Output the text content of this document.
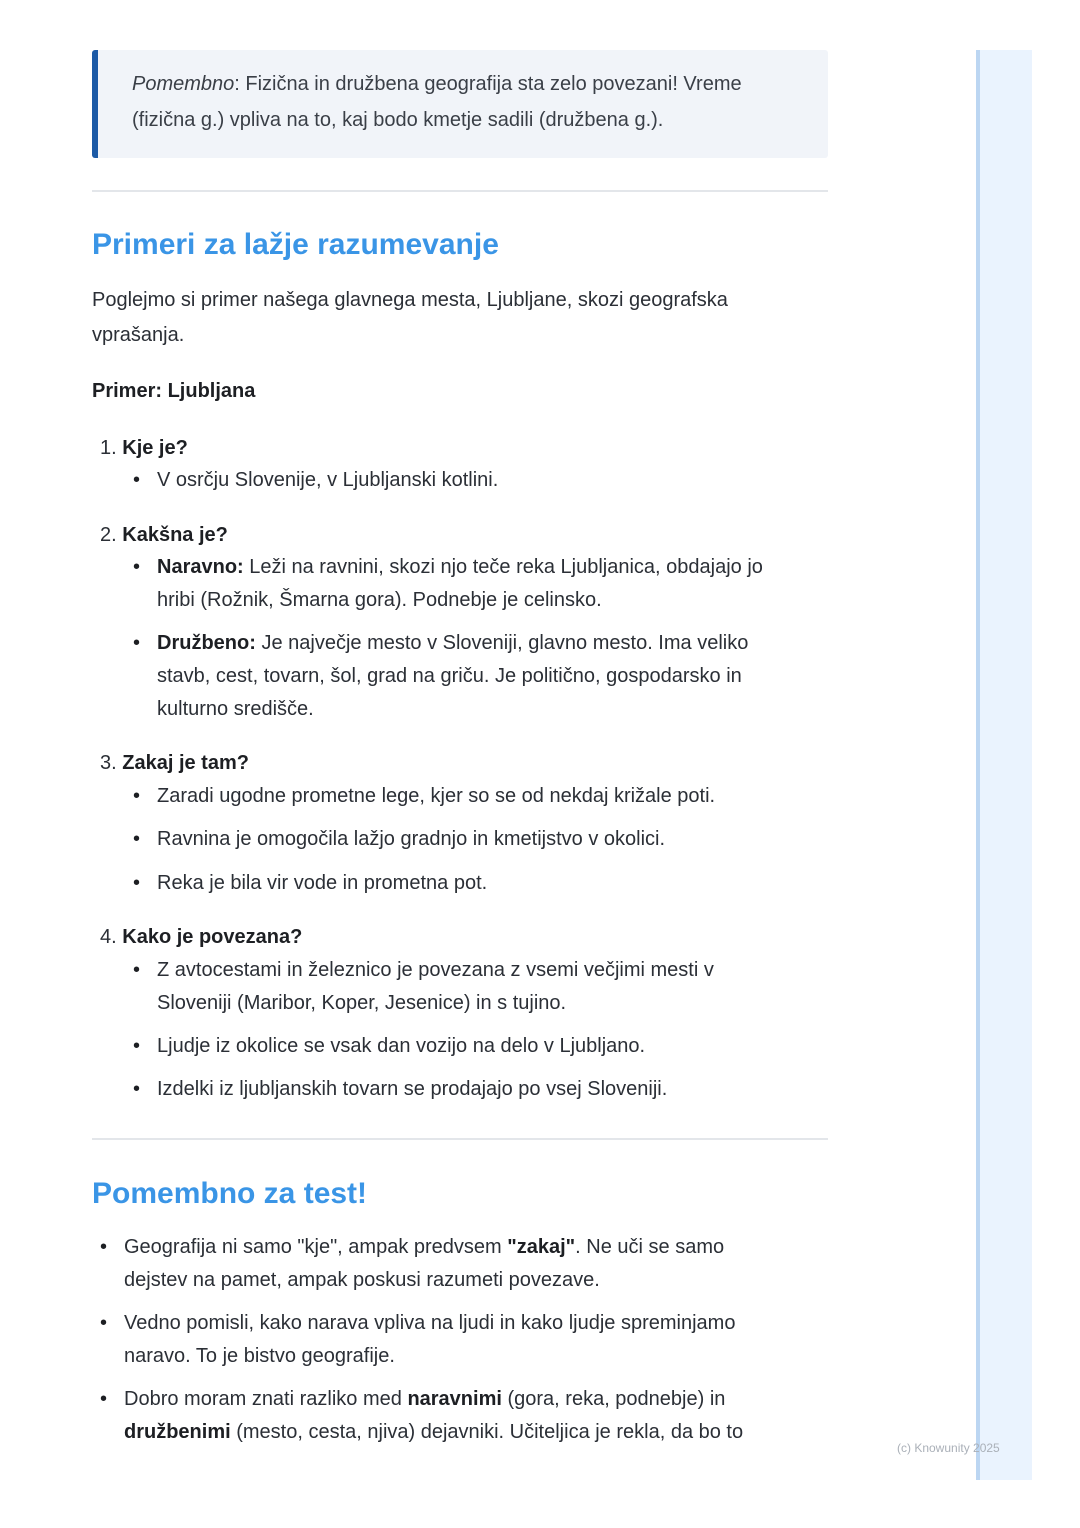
Pomembno: Fizična in družbena geografija sta zelo povezani! Vreme
(fizična g.) vpliva na to, kaj bodo kmetje sadili (družbena g.).
Primeri za lažje razumevanje

Poglejmo si primer našega glavnega mesta, Ljubljane, skozi geografska

vprašanja.

Primer: Ljubljana
1. Kje je?
• V osrčju Slovenije, v Ljubljanski kotlini.
2. Kakšna je?
• Naravno: Leži na ravnini, skozi njo teče reka Ljubljanica, obdajajo jo
hribi (Rožnik, Šmarna gora). Podnebje je celinsko.
• Družbeno: Je največje mesto v Sloveniji, glavno mesto. Ima veliko
stavb, cest, tovarn, šol, grad na griču. Je politično, gospodarsko in
kulturno središče.
3. Zakaj je tam?
• Zaradi ugodne prometne lege, kjer so se od nekdaj križale poti.
• Ravnina je omogočila lažjo gradnjo in kmetijstvo v okolici.
• Reka je bila vir vode in prometna pot.
4. Kako je povezana?
• Z avtocestami in železnico je povezana z vsemi večjimi mesti v
Sloveniji (Maribor, Koper, Jesenice) in s tujino.
• Ljudje iz okolice se vsak dan vozijo na delo v Ljubljano.
• Izdelki iz ljubljanskih tovarn se prodajajo po vsej Sloveniji.
Pomembno za test!
• Geografija ni samo "kje", ampak predvsem "zakaj". Ne uči se samo
dejstev na pamet, ampak poskusi razumeti povezave.
• Vedno pomisli, kako narava vpliva na ljudi in kako ljudje spreminjamo
naravo. To je bistvo geografije.
• Dobro moram znati razliko med naravnimi (gora, reka, podnebje) in
družbenimi (mesto, cesta, njiva) dejavniki. Učiteljica je rekla, da bo to
(c) Knowunity 2025
